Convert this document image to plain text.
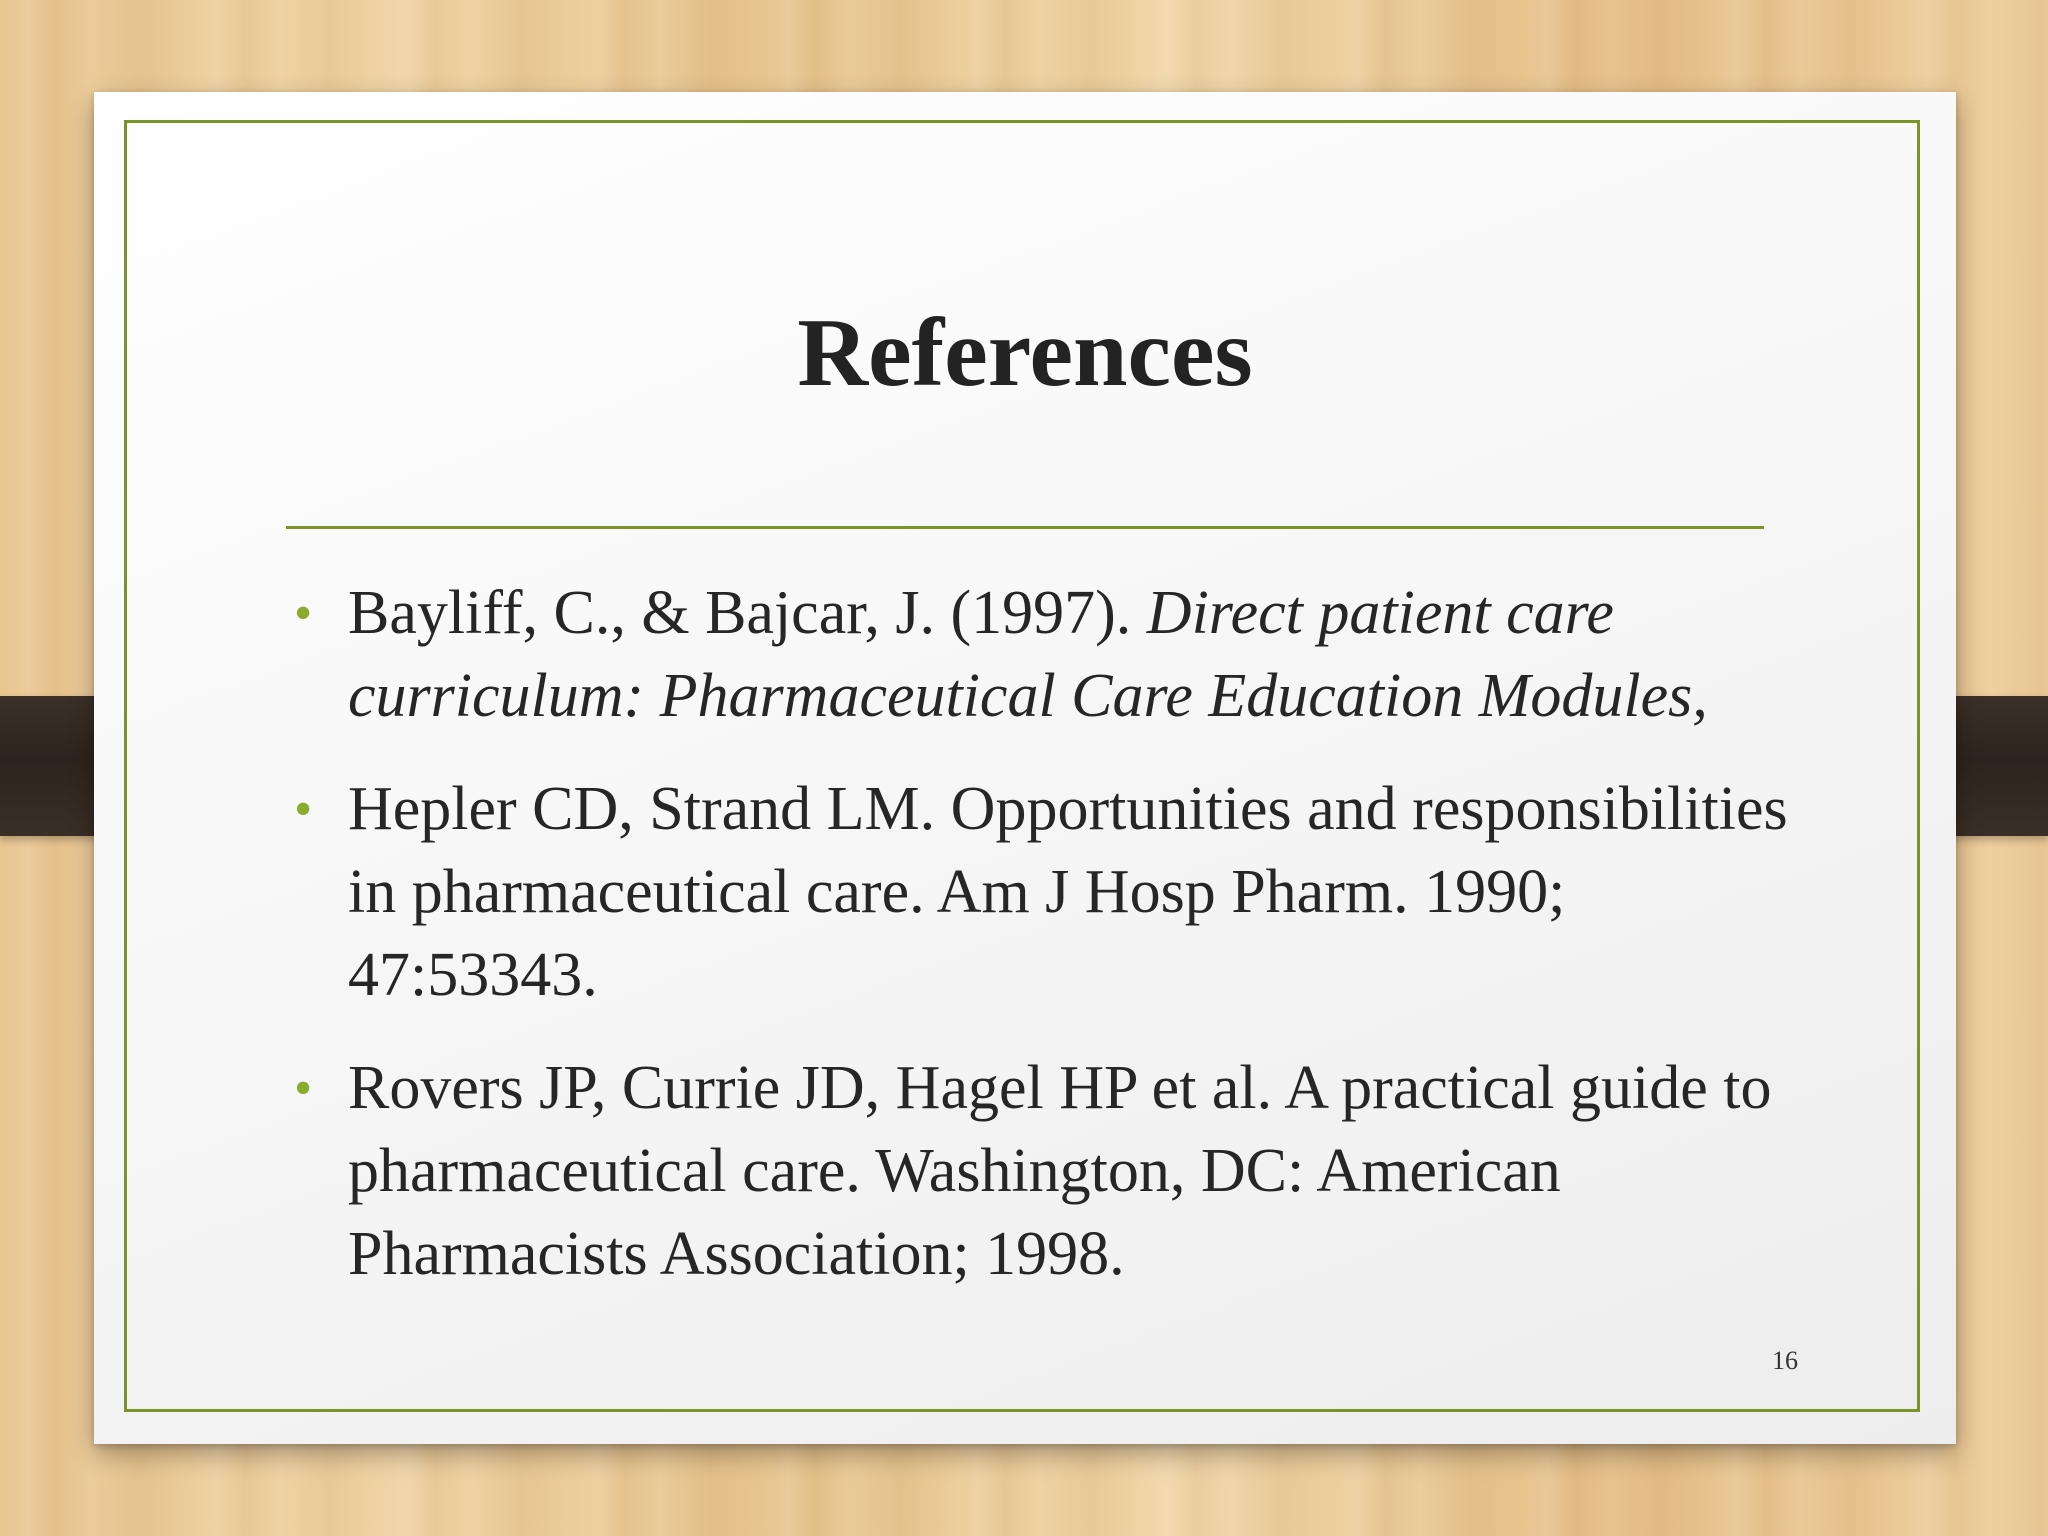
References
• Bayliff, C., & Bajcar, J. (1997). Direct patient care curriculum: Pharmaceutical Care Education Modules,
• Hepler CD, Strand LM. Opportunities and responsibilities in pharmaceutical care. Am J Hosp Pharm. 1990; 47:53343.
• Rovers JP, Currie JD, Hagel HP et al. A practical guide to pharmaceutical care. Washington, DC: American Pharmacists Association; 1998.
16
